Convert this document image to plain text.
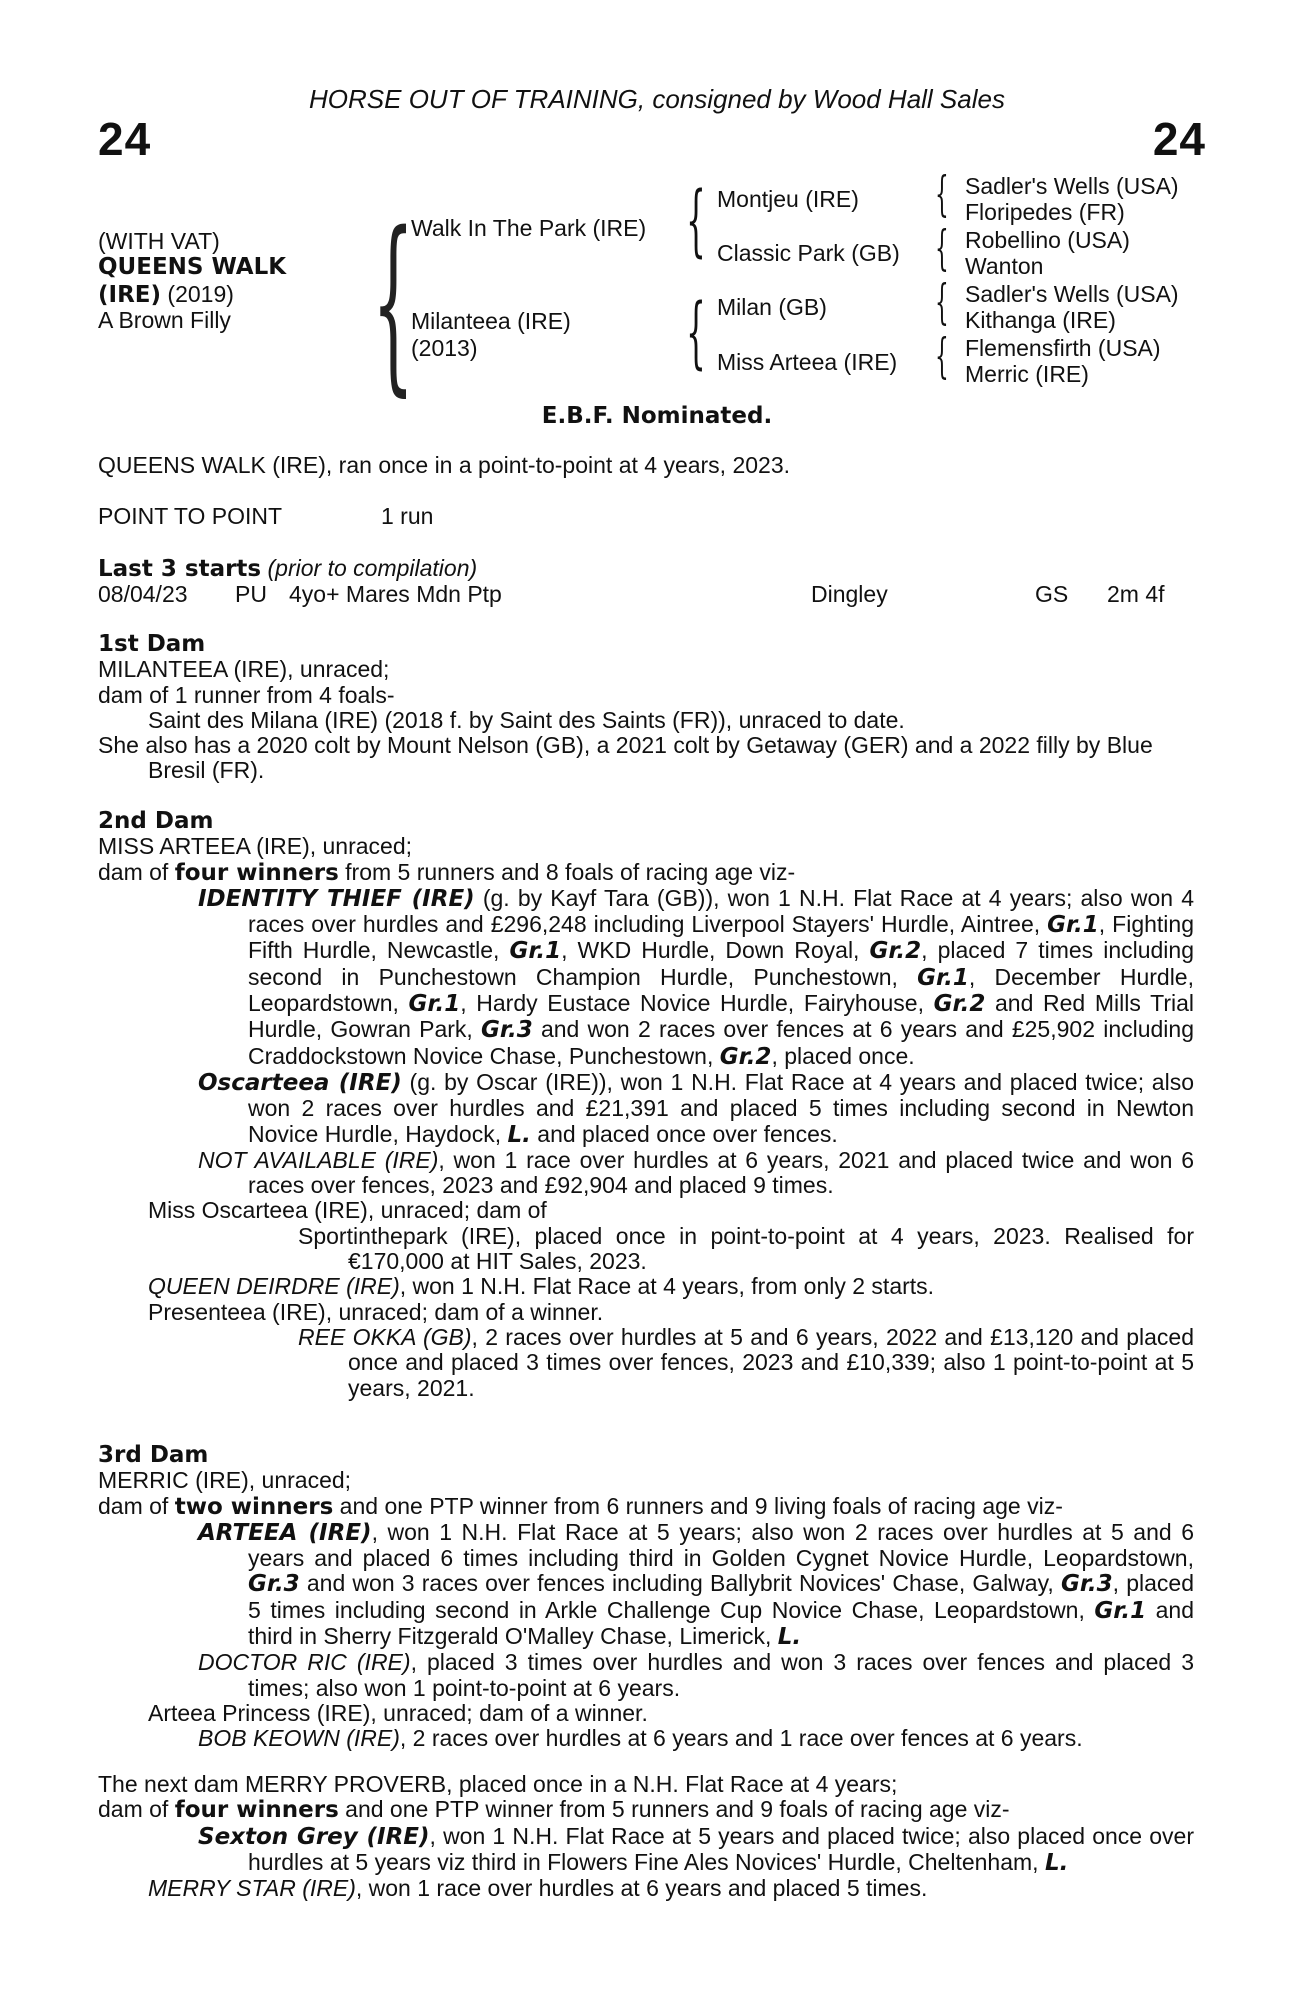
HORSE OUT OF TRAINING, consigned by Wood Hall Sales
24	24
(WITH VAT)
QUEENS WALK
(IRE) (2019)
A Brown Filly {
Walk In The Park (IRE)
Milanteea (IRE)
(2013)
{
{
Montjeu (IRE)
Classic Park (GB)
Milan (GB)
Miss Arteea (IRE)
{
{
{
{
Sadler's Wells (USA)
Floripedes (FR)
Robellino (USA)
Wanton
Sadler's Wells (USA)
Kithanga (IRE)
Flemensfirth (USA)
Merric (IRE)
E.B.F. Nominated.
QUEENS WALK (IRE), ran once in a point-to-point at 4 years, 2023.
POINT TO POINT	1 run
Last 3 starts (prior to compilation)
08/04/23 PU 4yo+ Mares Mdn Ptp	Dingley	GS 2m 4f

1st Dam

MILANTEEA (IRE), unraced;

dam of 1 runner from 4 foals-

Saint des Milana (IRE) (2018 f. by Saint des Saints (FR)), unraced to date.

She also has a 2020 colt by Mount Nelson (GB), a 2021 colt by Getaway (GER) and a 2022 filly by Blue Bresil (FR).

2nd Dam

MISS ARTEEA (IRE), unraced;

dam of four winners from 5 runners and 8 foals of racing age viz-

IDENTITY THIEF (IRE) (g. by Kayf Tara (GB)), won 1 N.H. Flat Race at 4 years; also won 4 races over hurdles and £296,248 including Liverpool Stayers' Hurdle, Aintree, Gr.1, Fighting Fifth Hurdle, Newcastle, Gr.1, WKD Hurdle, Down Royal, Gr.2, placed 7 times including second in Punchestown Champion Hurdle, Punchestown, Gr.1, December Hurdle, Leopardstown, Gr.1, Hardy Eustace Novice Hurdle, Fairyhouse, Gr.2 and Red Mills Trial Hurdle, Gowran Park, Gr.3 and won 2 races over fences at 6 years and £25,902 including Craddockstown Novice Chase, Punchestown, Gr.2, placed once.

Oscarteea (IRE) (g. by Oscar (IRE)), won 1 N.H. Flat Race at 4 years and placed twice; also won 2 races over hurdles and £21,391 and placed 5 times including second in Newton Novice Hurdle, Haydock, L. and placed once over fences.

NOT AVAILABLE (IRE), won 1 race over hurdles at 6 years, 2021 and placed twice and won 6 races over fences, 2023 and £92,904 and placed 9 times.

Miss Oscarteea (IRE), unraced; dam of

Sportinthepark (IRE), placed once in point-to-point at 4 years, 2023. Realised for €170,000 at HIT Sales, 2023.

QUEEN DEIRDRE (IRE), won 1 N.H. Flat Race at 4 years, from only 2 starts.

Presenteea (IRE), unraced; dam of a winner.

REE OKKA (GB), 2 races over hurdles at 5 and 6 years, 2022 and £13,120 and placed once and placed 3 times over fences, 2023 and £10,339; also 1 point-to-point at 5 years, 2021.

3rd Dam

MERRIC (IRE), unraced;

dam of two winners and one PTP winner from 6 runners and 9 living foals of racing age viz-

ARTEEA (IRE), won 1 N.H. Flat Race at 5 years; also won 2 races over hurdles at 5 and 6 years and placed 6 times including third in Golden Cygnet Novice Hurdle, Leopardstown, Gr.3 and won 3 races over fences including Ballybrit Novices' Chase, Galway, Gr.3, placed 5 times including second in Arkle Challenge Cup Novice Chase, Leopardstown, Gr.1 and third in Sherry Fitzgerald O'Malley Chase, Limerick, L.

DOCTOR RIC (IRE), placed 3 times over hurdles and won 3 races over fences and placed 3 times; also won 1 point-to-point at 6 years.

Arteea Princess (IRE), unraced; dam of a winner.

BOB KEOWN (IRE), 2 races over hurdles at 6 years and 1 race over fences at 6 years.

The next dam MERRY PROVERB, placed once in a N.H. Flat Race at 4 years;

dam of four winners and one PTP winner from 5 runners and 9 foals of racing age viz-

Sexton Grey (IRE), won 1 N.H. Flat Race at 5 years and placed twice; also placed once over hurdles at 5 years viz third in Flowers Fine Ales Novices' Hurdle, Cheltenham, L.

MERRY STAR (IRE), won 1 race over hurdles at 6 years and placed 5 times.
